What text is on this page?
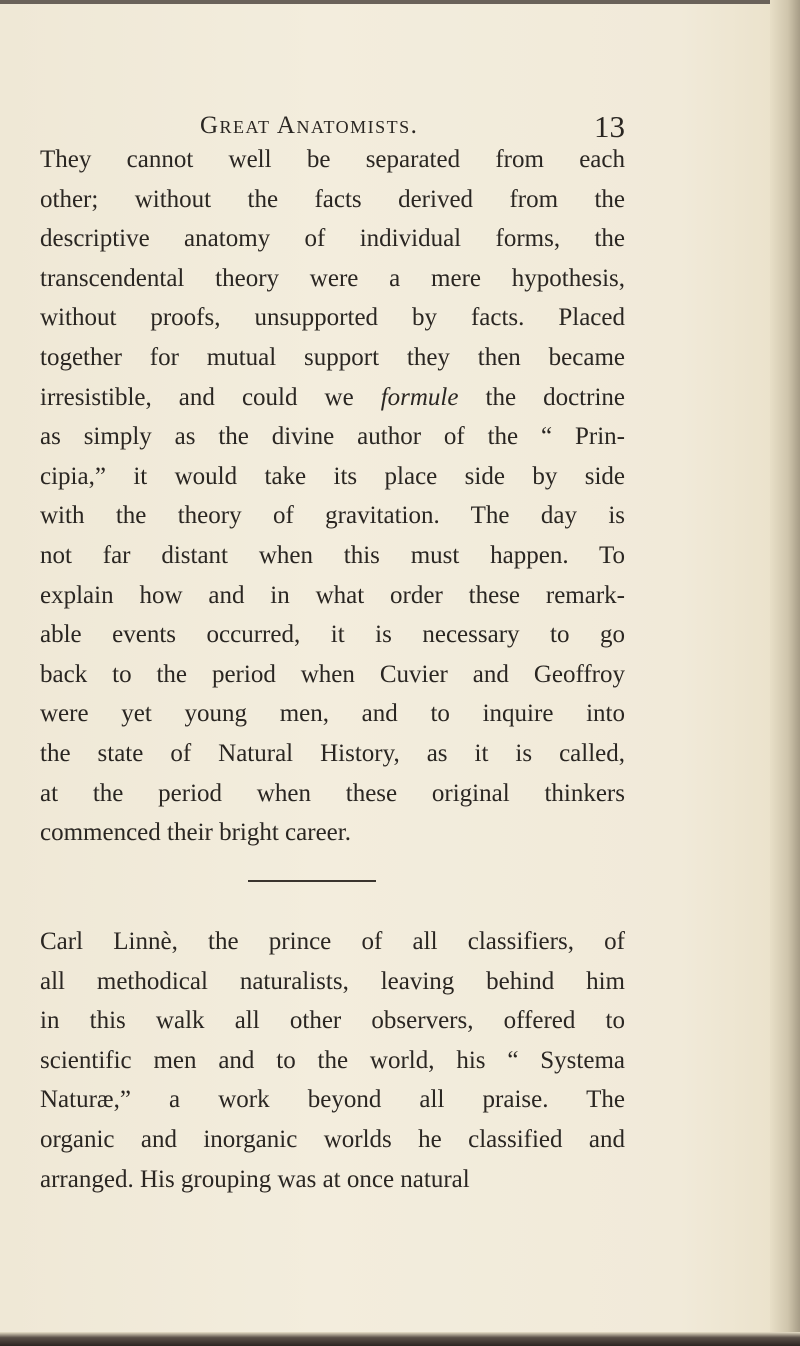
Great Anatomists.	13

They cannot well be separated from each

other; without the facts derived from the

descriptive anatomy of individual forms, the

transcendental theory were a mere hypothesis,

without proofs, unsupported by facts. Placed

together for mutual support they then became

irresistible, and could we formule the doctrine

as simply as the divine author of the “ Prin-

cipia,” it would take its place side by side

with the theory of gravitation. The day is

not far distant when this must happen. To

explain how and in what order these remark-

able events occurred, it is necessary to go

back to the period when Cuvier and Geoffroy

were yet young men, and to inquire into

the state of Natural History, as it is called,

at the period when these original thinkers

commenced their bright career.

Carl Linnè, the prince of all classifiers, of

all methodical naturalists, leaving behind him

in this walk all other observers, offered to

scientific men and to the world, his “ Systema

Naturæ,” a work beyond all praise. The

organic and inorganic worlds he classified and

arranged. His grouping was at once natural
